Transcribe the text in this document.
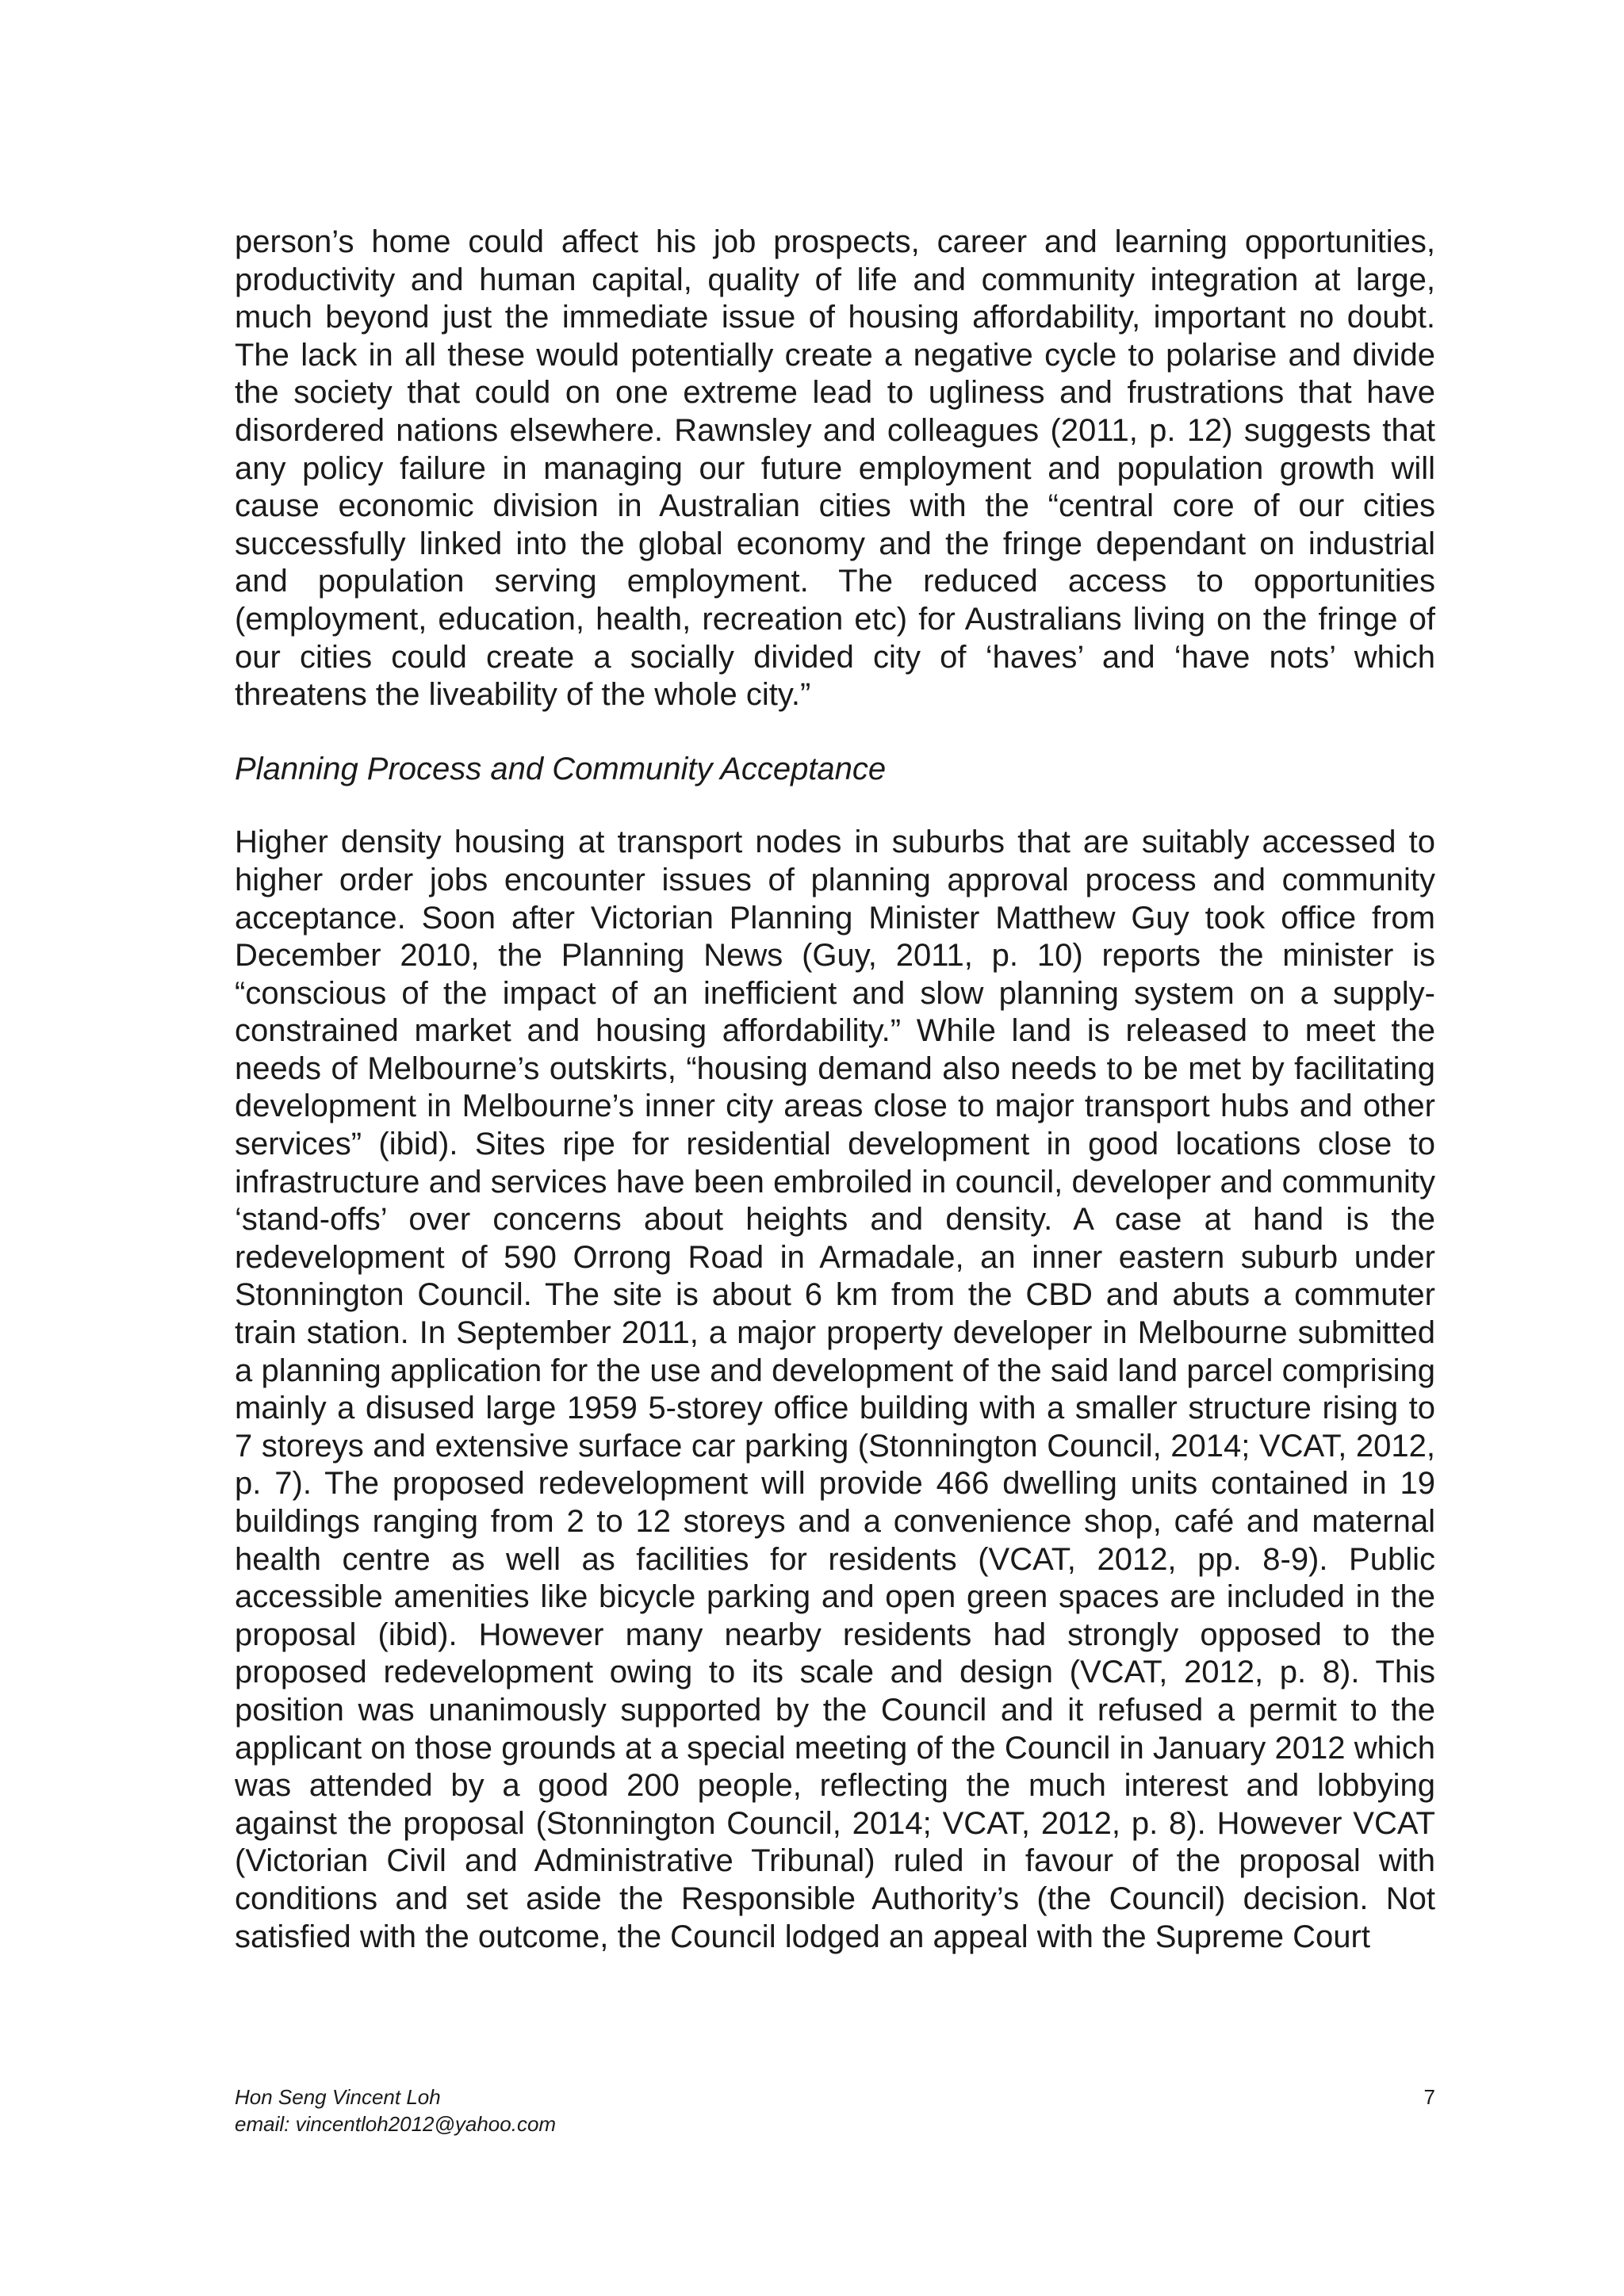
person’s home could affect his job prospects, career and learning opportunities, productivity and human capital, quality of life and community integration at large, much beyond just the immediate issue of housing affordability, important no doubt. The lack in all these would potentially create a negative cycle to polarise and divide the society that could on one extreme lead to ugliness and frustrations that have disordered nations elsewhere. Rawnsley and colleagues (2011, p. 12) suggests that any policy failure in managing our future employment and population growth will cause economic division in Australian cities with the “central core of our cities successfully linked into the global economy and the fringe dependant on industrial and population serving employment. The reduced access to opportunities (employment, education, health, recreation etc) for Australians living on the fringe of our cities could create a socially divided city of ‘haves’ and ‘have nots’ which threatens the liveability of the whole city.”

Planning Process and Community Acceptance

Higher density housing at transport nodes in suburbs that are suitably accessed to higher order jobs encounter issues of planning approval process and community acceptance. Soon after Victorian Planning Minister Matthew Guy took office from December 2010, the Planning News (Guy, 2011, p. 10) reports the minister is “conscious of the impact of an inefficient and slow planning system on a supply-constrained market and housing affordability.” While land is released to meet the needs of Melbourne’s outskirts, “housing demand also needs to be met by facilitating development in Melbourne’s inner city areas close to major transport hubs and other services” (ibid). Sites ripe for residential development in good locations close to infrastructure and services have been embroiled in council, developer and community ‘stand-offs’ over concerns about heights and density. A case at hand is the redevelopment of 590 Orrong Road in Armadale, an inner eastern suburb under Stonnington Council. The site is about 6 km from the CBD and abuts a commuter train station. In September 2011, a major property developer in Melbourne submitted a planning application for the use and development of the said land parcel comprising mainly a disused large 1959 5-storey office building with a smaller structure rising to 7 storeys and extensive surface car parking (Stonnington Council, 2014; VCAT, 2012, p. 7). The proposed redevelopment will provide 466 dwelling units contained in 19 buildings ranging from 2 to 12 storeys and a convenience shop, café and maternal health centre as well as facilities for residents (VCAT, 2012, pp. 8-9). Public accessible amenities like bicycle parking and open green spaces are included in the proposal (ibid). However many nearby residents had strongly opposed to the proposed redevelopment owing to its scale and design (VCAT, 2012, p. 8). This position was unanimously supported by the Council and it refused a permit to the applicant on those grounds at a special meeting of the Council in January 2012 which was attended by a good 200 people, reflecting the much interest and lobbying against the proposal (Stonnington Council, 2014; VCAT, 2012, p. 8). However VCAT (Victorian Civil and Administrative Tribunal) ruled in favour of the proposal with conditions and set aside the Responsible Authority’s (the Council) decision. Not satisfied with the outcome, the Council lodged an appeal with the Supreme Court

Hon Seng Vincent Loh
email: vincentloh2012@yahoo.com
7
